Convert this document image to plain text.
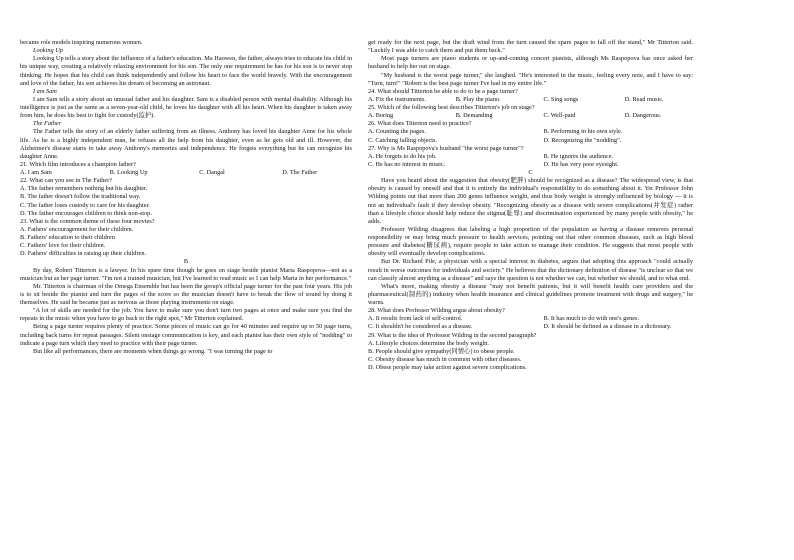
became role models inspiring numerous women.

Looking Up

Looking Up tells a story about the influence of a father's education. Ma Haowen, the father, always tries to educate his child in his unique way, creating a relatively relaxing environment for his son. The only one requirement he has for his son is to never stop thinking. He hopes that his child can think independently and follow his heart to face the world bravely. With the encouragement and love of the father, his son achieves his dream of becoming an astronaut.

I am Sam

I am Sam tells a story about an unusual father and his daughter. Sam is a disabled person with mental disability. Although his intelligence is just as the same as a seven-year-old child, he loves his daughter with all his heart. When his daughter is taken away from him, he does his best to fight for custody(监护).

The Father

The Father tells the story of an elderly father suffering from an illness. Anthony has loved his daughter Anne for his whole life. As he is a highly independent man, he refuses all the help from his daughter, even as he gets old and ill. However, the Alzheimer's disease starts to take away Anthony's memories and independence. He forgets everything but he can recognize his daughter Anne.

21. Which film introduces a champion father?

A. I am Sam	B. Looking Up	C. Dangal	D. The Father

22. What can you see in The Father?

A. The father remembers nothing but his daughter.

B. The father doesn't follow the traditional way.

C. The father loses custody to care for his daughter.

D. The father encourages children to think non-stop.

23. What is the common theme of these four movies?

A. Fathers' encouragement for their children.

B. Fathers' education to their children

C. Fathers' love for their children.

D. Fathers' difficulties in raising up their children.

B

By day, Robert Titterton is a lawyer. In his spare time though he goes on stage beside pianist Maria Raspopova—not as a musician but as her page turner. "I'm not a trained musician, but I've learned to read music so I can help Maria in her performance."

Mr. Titterton is chairman of the Omega Ensemble but has been the group's official page turner for the past four years. His job is to sit beside the pianist and turn the pages of the score so the musician doesn't have to break the flow of sound by doing it themselves. He said he became just as nervous as those playing instruments on stage.

"A lot of skills are needed for the job. You have to make sure you don't turn two pages at once and make sure you find the repeats in the music when you have to go back to the right spot," Mr Titterton explained.

Being a page turner requires plenty of practice. Some pieces of music can go for 40 minutes and require up to 50 page turns, including back turns for repeat passages. Silent onstage communication is key, and each pianist has their own style of "nodding" to indicate a page turn which they need to practice with their page turner.

But like all performances, there are moments when things go wrong. "I was turning the page to

get ready for the next page, but the draft wind from the turn caused the spare pages to fall off the stand," Mr Titterton said. "Luckily I was able to catch them and put them back."

Most page turners are piano students or up-and-coming concert pianists, although Ms Raspopova has once asked her husband to help her out on stage.

"My husband is the worst page turner," she laughed. "He's interested in the music, feeling every note, and I have to say: "Turn, turn!" "Robert is the best page turner I've had in my entire life."

24. What should Titterton be able to do to be a page turner?

A. Fix the instruments.	B. Play the piano.	C. Sing songs	D. Read music.

25. Which of the following best describes Titterton's job on stage?

A. Boring	B. Demanding	C. Well-paid	D. Dangerous.

26. What does Titterton need to practice?

A. Counting the pages.	B. Performing in his own style.
C. Catching falling objects.	D. Recognizing the "nodding".

27. Why is Ms Raspopova's husband "the worst page turner"?

A. He forgets to do his job.	B. He ignores the audience.
C. He has no interest in music.	D. He has very poor eyesight.

C

Have you heard about the suggestion that obesity(肥胖) should be recognized as a disease? The widespread view, is that obesity is caused by oneself and that it is entirely the individual's responsibility to do something about it. Yet Professor John Wilding points out that more than 200 genes influence weight, and thus body weight is strongly influenced by biology — it is not an individual's fault if they develop obesity. "Recognizing obesity as a disease with severe complications(并发症) rather than a lifestyle choice should help reduce the stigma(耻辱) and discrimination experienced by many people with obesity," he adds.

Professor Wilding disagrees that labeling a high proportion of the population as having a disease removes personal responsibility or may bring much pressure to health services, pointing out that other common diseases, such as high blood pressure and diabetes(糖尿病), require people to take action to manage their condition. He suggests that most people with obesity will eventually develop complications.

But Dr. Richard Pile, a physician with a special interest in diabetes, argues that adopting this approach "could actually result in worse outcomes for individuals and society." He believes that the dictionary definition of disease "is unclear so that we can classify almost anything as a disease" and says the question is not whether we can, but whether we should, and to what end.

What's more, making obesity a disease "may not benefit patients, but it will benefit health care providers and the pharmaceutical(制药的) industry when health insurance and clinical guidelines promote treatment with drugs and surgery," he warns.

28. What does Professor Wilding argue about obesity?

A. It results from lack of self-control.	B. It has much to do with one's genes.
C. It shouldn't be considered as a disease.	D. It should be defined as a disease in a dictionary.

29. What is the idea of Professor Wilding in the second paragraph?

A. Lifestyle choices determine the body weight.

B. People should give sympathy(同情心) to obese people.

C. Obesity disease has much in common with other diseases.

D. Obese people may take action against severe complications.
